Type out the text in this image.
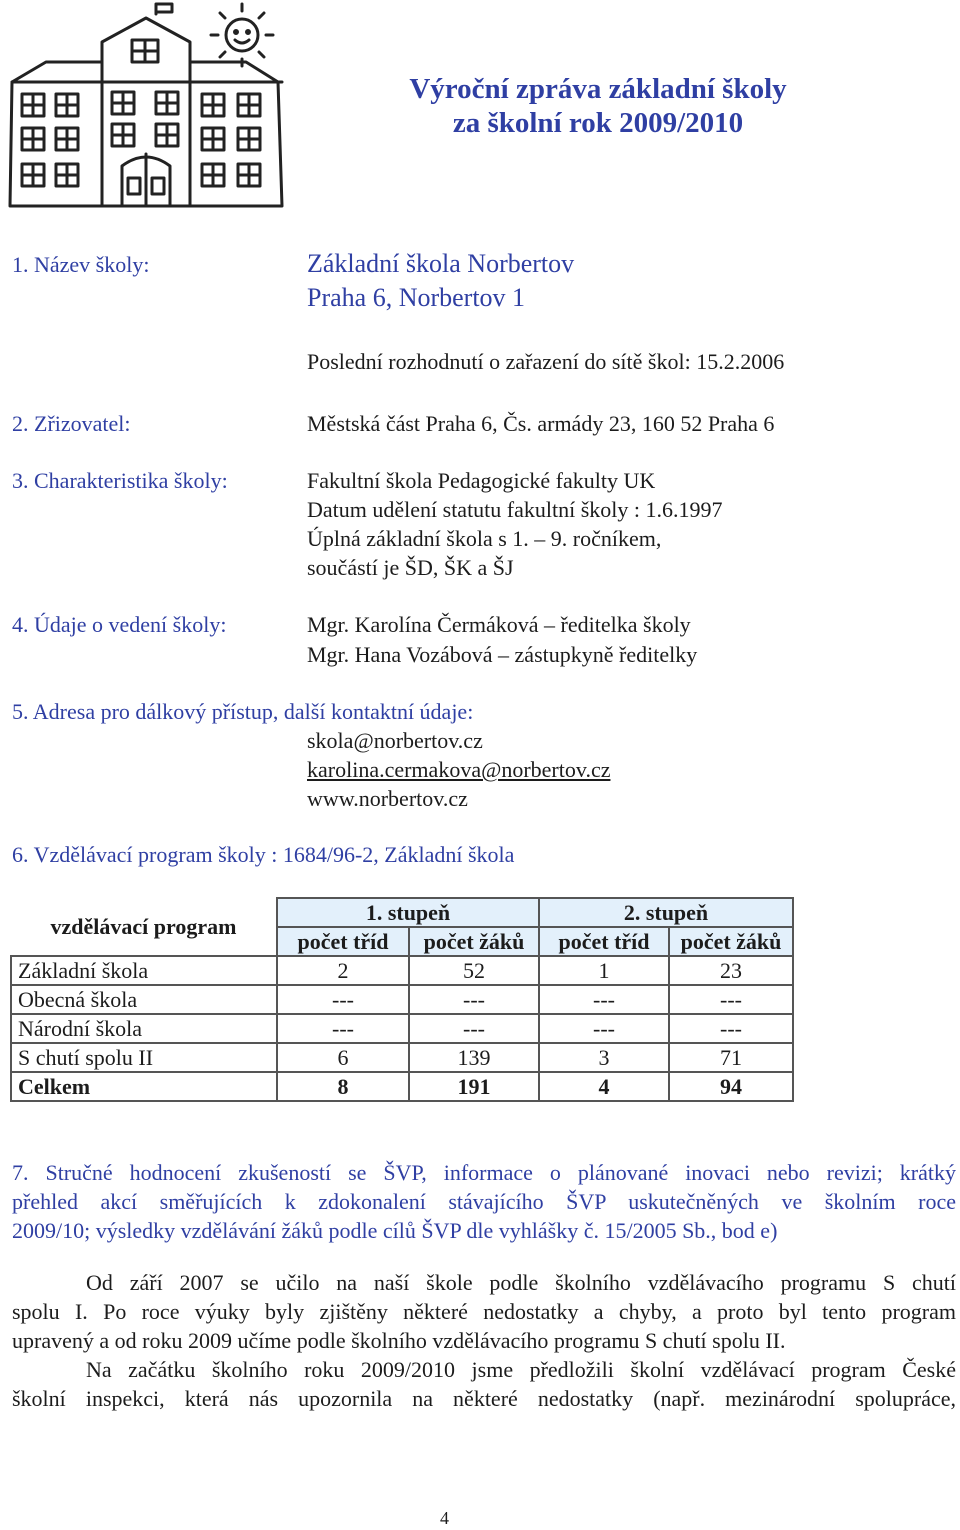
Výroční zpráva základní školy
za školní rok 2009/2010
1. Název školy:	Základní škola Norbertov
Praha 6, Norbertov 1
Poslední rozhodnutí o zařazení do sítě škol: 15.2.2006
2. Zřizovatel:	Městská část Praha 6, Čs. armády 23, 160 52 Praha 6
3. Charakteristika školy:	Fakultní škola Pedagogické fakulty UK
Datum udělení statutu fakultní školy : 1.6.1997
Úplná základní škola s 1. – 9. ročníkem,
součástí je ŠD, ŠK a ŠJ
4. Údaje o vedení školy:	Mgr. Karolína Čermáková – ředitelka školy
Mgr. Hana Vozábová – zástupkyně ředitelky
5. Adresa pro dálkový přístup, další kontaktní údaje:
skola@norbertov.cz
karolina.cermakova@norbertov.cz
www.norbertov.cz
6. Vzdělávací program školy : 1684/96-2, Základní škola
vzdělávací program	1. stupeň		2. stupeň	
	počet tříd	počet žáků	počet tříd	počet žáků
Základní škola	2	52	1	23
Obecná škola	---	---	---	---
Národní škola	---	---	---	---
S chutí spolu II	6	139	3	71
Celkem	8	191	4	94
7. Stručné hodnocení zkušeností se ŠVP, informace o plánované inovaci nebo revizi; krátký
přehled akcí směřujících k zdokonalení stávajícího ŠVP uskutečněných ve školním roce
2009/10; výsledky vzdělávání žáků podle cílů ŠVP dle vyhlášky č. 15/2005 Sb., bod e)
Od září 2007 se učilo na naší škole podle školního vzdělávacího programu S chutí
spolu I. Po roce výuky byly zjištěny některé nedostatky a chyby, a proto byl tento program
upravený a od roku 2009 učíme podle školního vzdělávacího programu S chutí spolu II.
Na začátku školního roku 2009/2010 jsme předložili školní vzdělávací program České
školní inspekci, která nás upozornila na některé nedostatky (např. mezinárodní spolupráce,
4
